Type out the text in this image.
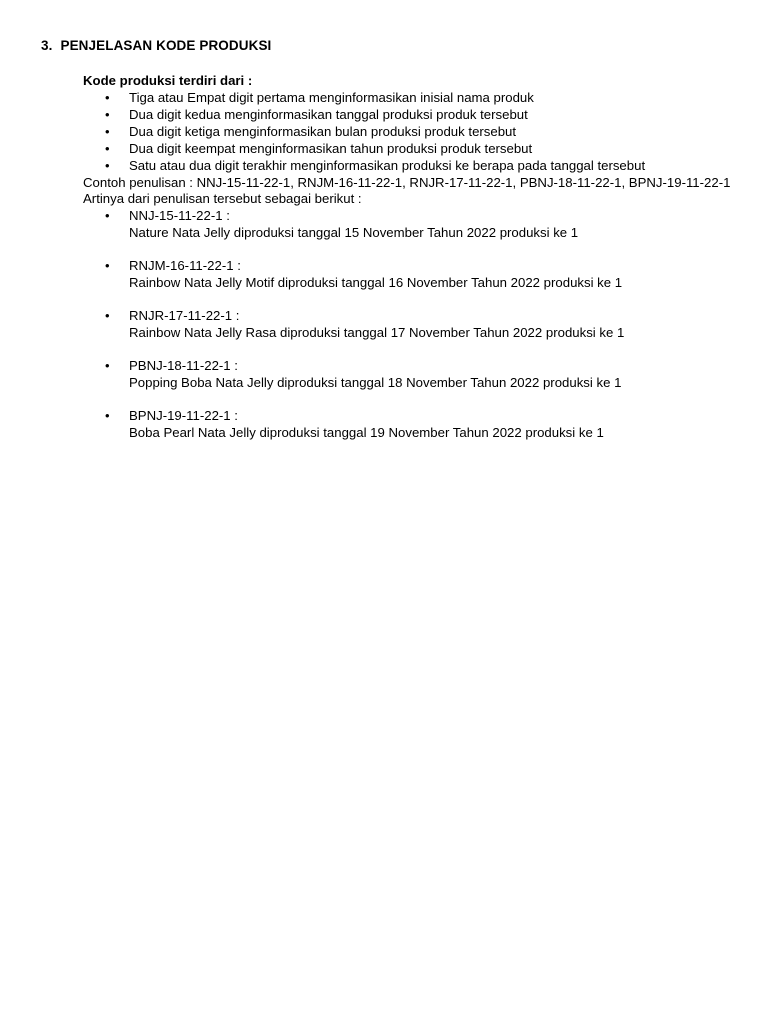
3. PENJELASAN KODE PRODUKSI
Kode produksi terdiri dari :
• Tiga atau Empat digit pertama menginformasikan inisial nama produk
• Dua digit kedua menginformasikan tanggal produksi produk tersebut
• Dua digit ketiga menginformasikan bulan produksi produk tersebut
• Dua digit keempat menginformasikan tahun produksi produk tersebut
• Satu atau dua digit terakhir menginformasikan produksi ke berapa pada tanggal tersebut
Contoh penulisan : NNJ-15-11-22-1, RNJM-16-11-22-1, RNJR-17-11-22-1, PBNJ-18-11-22-1, BPNJ-19-11-22-1
Artinya dari penulisan tersebut sebagai berikut :
• NNJ-15-11-22-1 :
Nature Nata Jelly diproduksi tanggal 15 November Tahun 2022 produksi ke 1
• RNJM-16-11-22-1 :
Rainbow Nata Jelly Motif diproduksi tanggal 16 November Tahun 2022 produksi ke 1
• RNJR-17-11-22-1 :
Rainbow Nata Jelly Rasa diproduksi tanggal 17 November Tahun 2022 produksi ke 1
• PBNJ-18-11-22-1 :
Popping Boba Nata Jelly diproduksi tanggal 18 November Tahun 2022 produksi ke 1
• BPNJ-19-11-22-1 :
Boba Pearl Nata Jelly diproduksi tanggal 19 November Tahun 2022 produksi ke 1
